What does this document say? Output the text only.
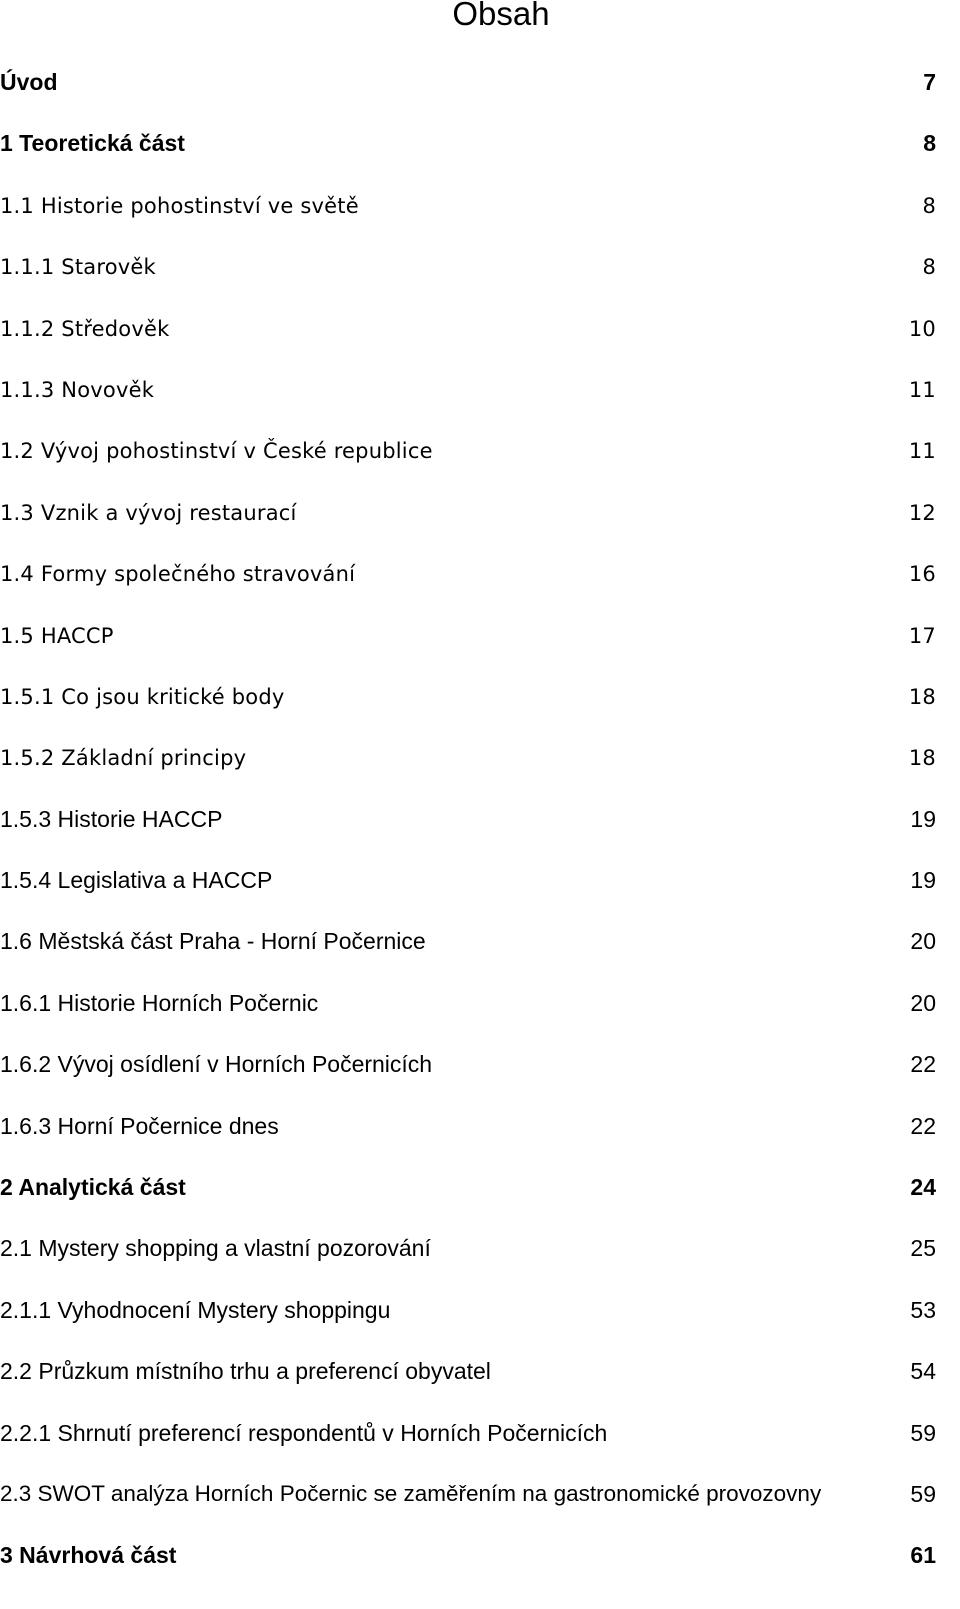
Obsah
Úvod	7
1 Teoretická část	8
1.1 Historie pohostinství ve světě	8
1.1.1 Starověk	8
1.1.2 Středověk	10
1.1.3 Novověk	11
1.2 Vývoj pohostinství v České republice	11
1.3 Vznik a vývoj restaurací	12
1.4 Formy společného stravování	16
1.5 HACCP	17
1.5.1 Co jsou kritické body	18
1.5.2 Základní principy	18
1.5.3 Historie HACCP	19
1.5.4 Legislativa a HACCP	19
1.6 Městská část Praha - Horní Počernice	20
1.6.1 Historie Horních Počernic	20
1.6.2 Vývoj osídlení v Horních Počernicích	22
1.6.3 Horní Počernice dnes	22
2 Analytická část	24
2.1 Mystery shopping a vlastní pozorování	25
2.1.1 Vyhodnocení Mystery shoppingu	53
2.2 Průzkum místního trhu a preferencí obyvatel	54
2.2.1 Shrnutí preferencí respondentů v Horních Počernicích	59
2.3 SWOT analýza Horních Počernic se zaměřením na gastronomické provozovny	59
3 Návrhová část	61
